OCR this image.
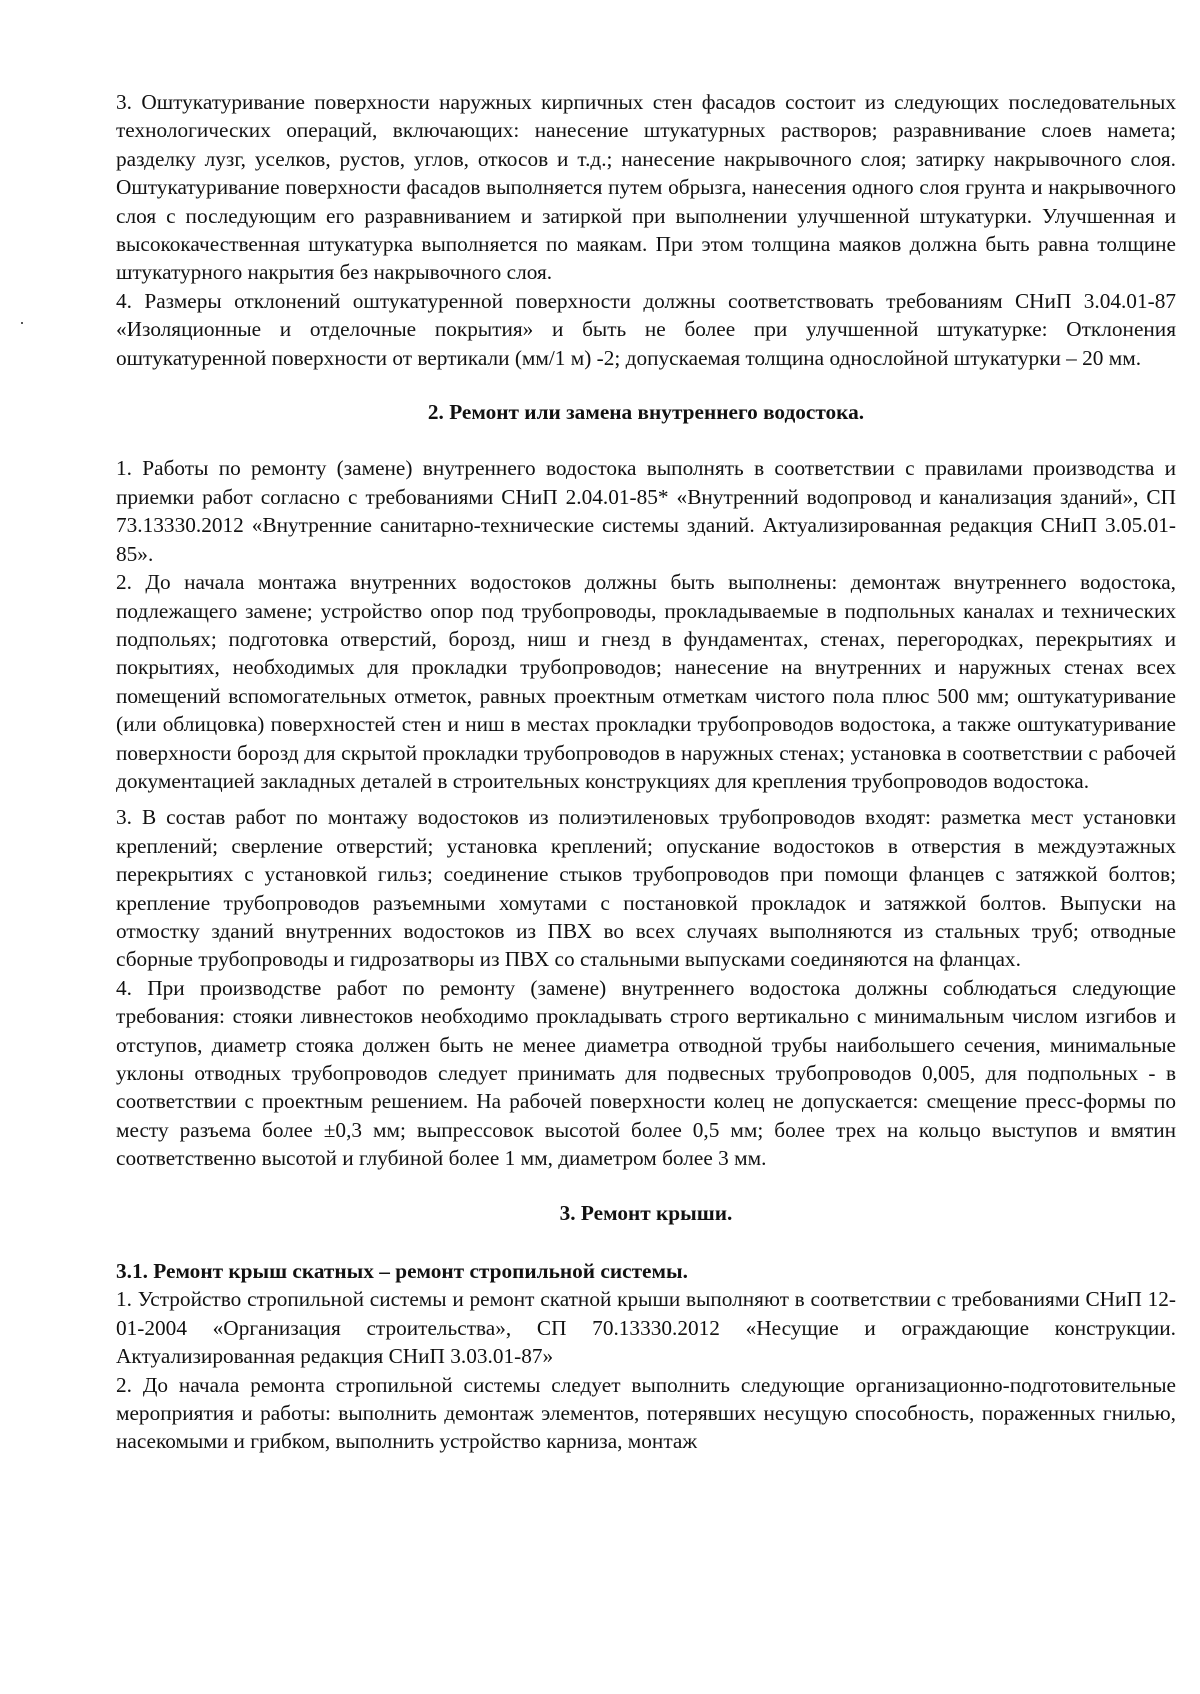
3. Оштукатуривание поверхности наружных кирпичных стен фасадов состоит из следующих последовательных технологических операций, включающих: нанесение штукатурных растворов; разравнивание слоев намета; разделку лузг, уселков, рустов, углов, откосов и т.д.; нанесение накрывочного слоя; затирку накрывочного слоя. Оштукатуривание поверхности фасадов выполняется путем обрызга, нанесения одного слоя грунта и накрывочного слоя с последующим его разравниванием и затиркой при выполнении улучшенной штукатурки. Улучшенная и высококачественная штукатурка выполняется по маякам. При этом толщина маяков должна быть равна толщине штукатурного накрытия без накрывочного слоя.

4. Размеры отклонений оштукатуренной поверхности должны соответствовать требованиям СНиП 3.04.01-87 «Изоляционные и отделочные покрытия» и быть не более при улучшенной штукатурке: Отклонения оштукатуренной поверхности от вертикали (мм/1 м) -2; допускаемая толщина однослойной штукатурки – 20 мм.

2. Ремонт или замена внутреннего водостока.

1. Работы по ремонту (замене) внутреннего водостока выполнять в соответствии с правилами производства и приемки работ согласно с требованиями СНиП 2.04.01-85* «Внутренний водопровод и канализация зданий», СП 73.13330.2012 «Внутренние санитарно-технические системы зданий. Актуализированная редакция СНиП 3.05.01-85».

2. До начала монтажа внутренних водостоков должны быть выполнены: демонтаж внутреннего водостока, подлежащего замене; устройство опор под трубопроводы, прокладываемые в подпольных каналах и технических подпольях; подготовка отверстий, борозд, ниш и гнезд в фундаментах, стенах, перегородках, перекрытиях и покрытиях, необходимых для прокладки трубопроводов; нанесение на внутренних и наружных стенах всех помещений вспомогательных отметок, равных проектным отметкам чистого пола плюс 500 мм; оштукатуривание (или облицовка) поверхностей стен и ниш в местах прокладки трубопроводов водостока, а также оштукатуривание поверхности борозд для скрытой прокладки трубопроводов в наружных стенах; установка в соответствии с рабочей документацией закладных деталей в строительных конструкциях для крепления трубопроводов водостока.

3. В состав работ по монтажу водостоков из полиэтиленовых трубопроводов входят: разметка мест установки креплений; сверление отверстий; установка креплений; опускание водостоков в отверстия в междуэтажных перекрытиях с установкой гильз; соединение стыков трубопроводов при помощи фланцев с затяжкой болтов; крепление трубопроводов разъемными хомутами с постановкой прокладок и затяжкой болтов. Выпуски на отмостку зданий внутренних водостоков из ПВХ во всех случаях выполняются из стальных труб; отводные сборные трубопроводы и гидрозатворы из ПВХ со стальными выпусками соединяются на фланцах.

4. При производстве работ по ремонту (замене) внутреннего водостока должны соблюдаться следующие требования: стояки ливнестоков необходимо прокладывать строго вертикально с минимальным числом изгибов и отступов, диаметр стояка должен быть не менее диаметра отводной трубы наибольшего сечения, минимальные уклоны отводных трубопроводов следует принимать для подвесных трубопроводов 0,005, для подпольных - в соответствии с проектным решением. На рабочей поверхности колец не допускается: смещение пресс-формы по месту разъема более ±0,3 мм; выпрессовок высотой более 0,5 мм; более трех на кольцо выступов и вмятин соответственно высотой и глубиной более 1 мм, диаметром более 3 мм.

3. Ремонт крыши.
3.1. Ремонт крыш скатных – ремонт стропильной системы.

1. Устройство стропильной системы и ремонт скатной крыши выполняют в соответствии с требованиями СНиП 12-01-2004 «Организация строительства», СП 70.13330.2012 «Несущие и ограждающие конструкции. Актуализированная редакция СНиП 3.03.01-87»

2. До начала ремонта стропильной системы следует выполнить следующие организационно-подготовительные мероприятия и работы: выполнить демонтаж элементов, потерявших несущую способность, пораженных гнилью, насекомыми и грибком, выполнить устройство карниза, монтаж
